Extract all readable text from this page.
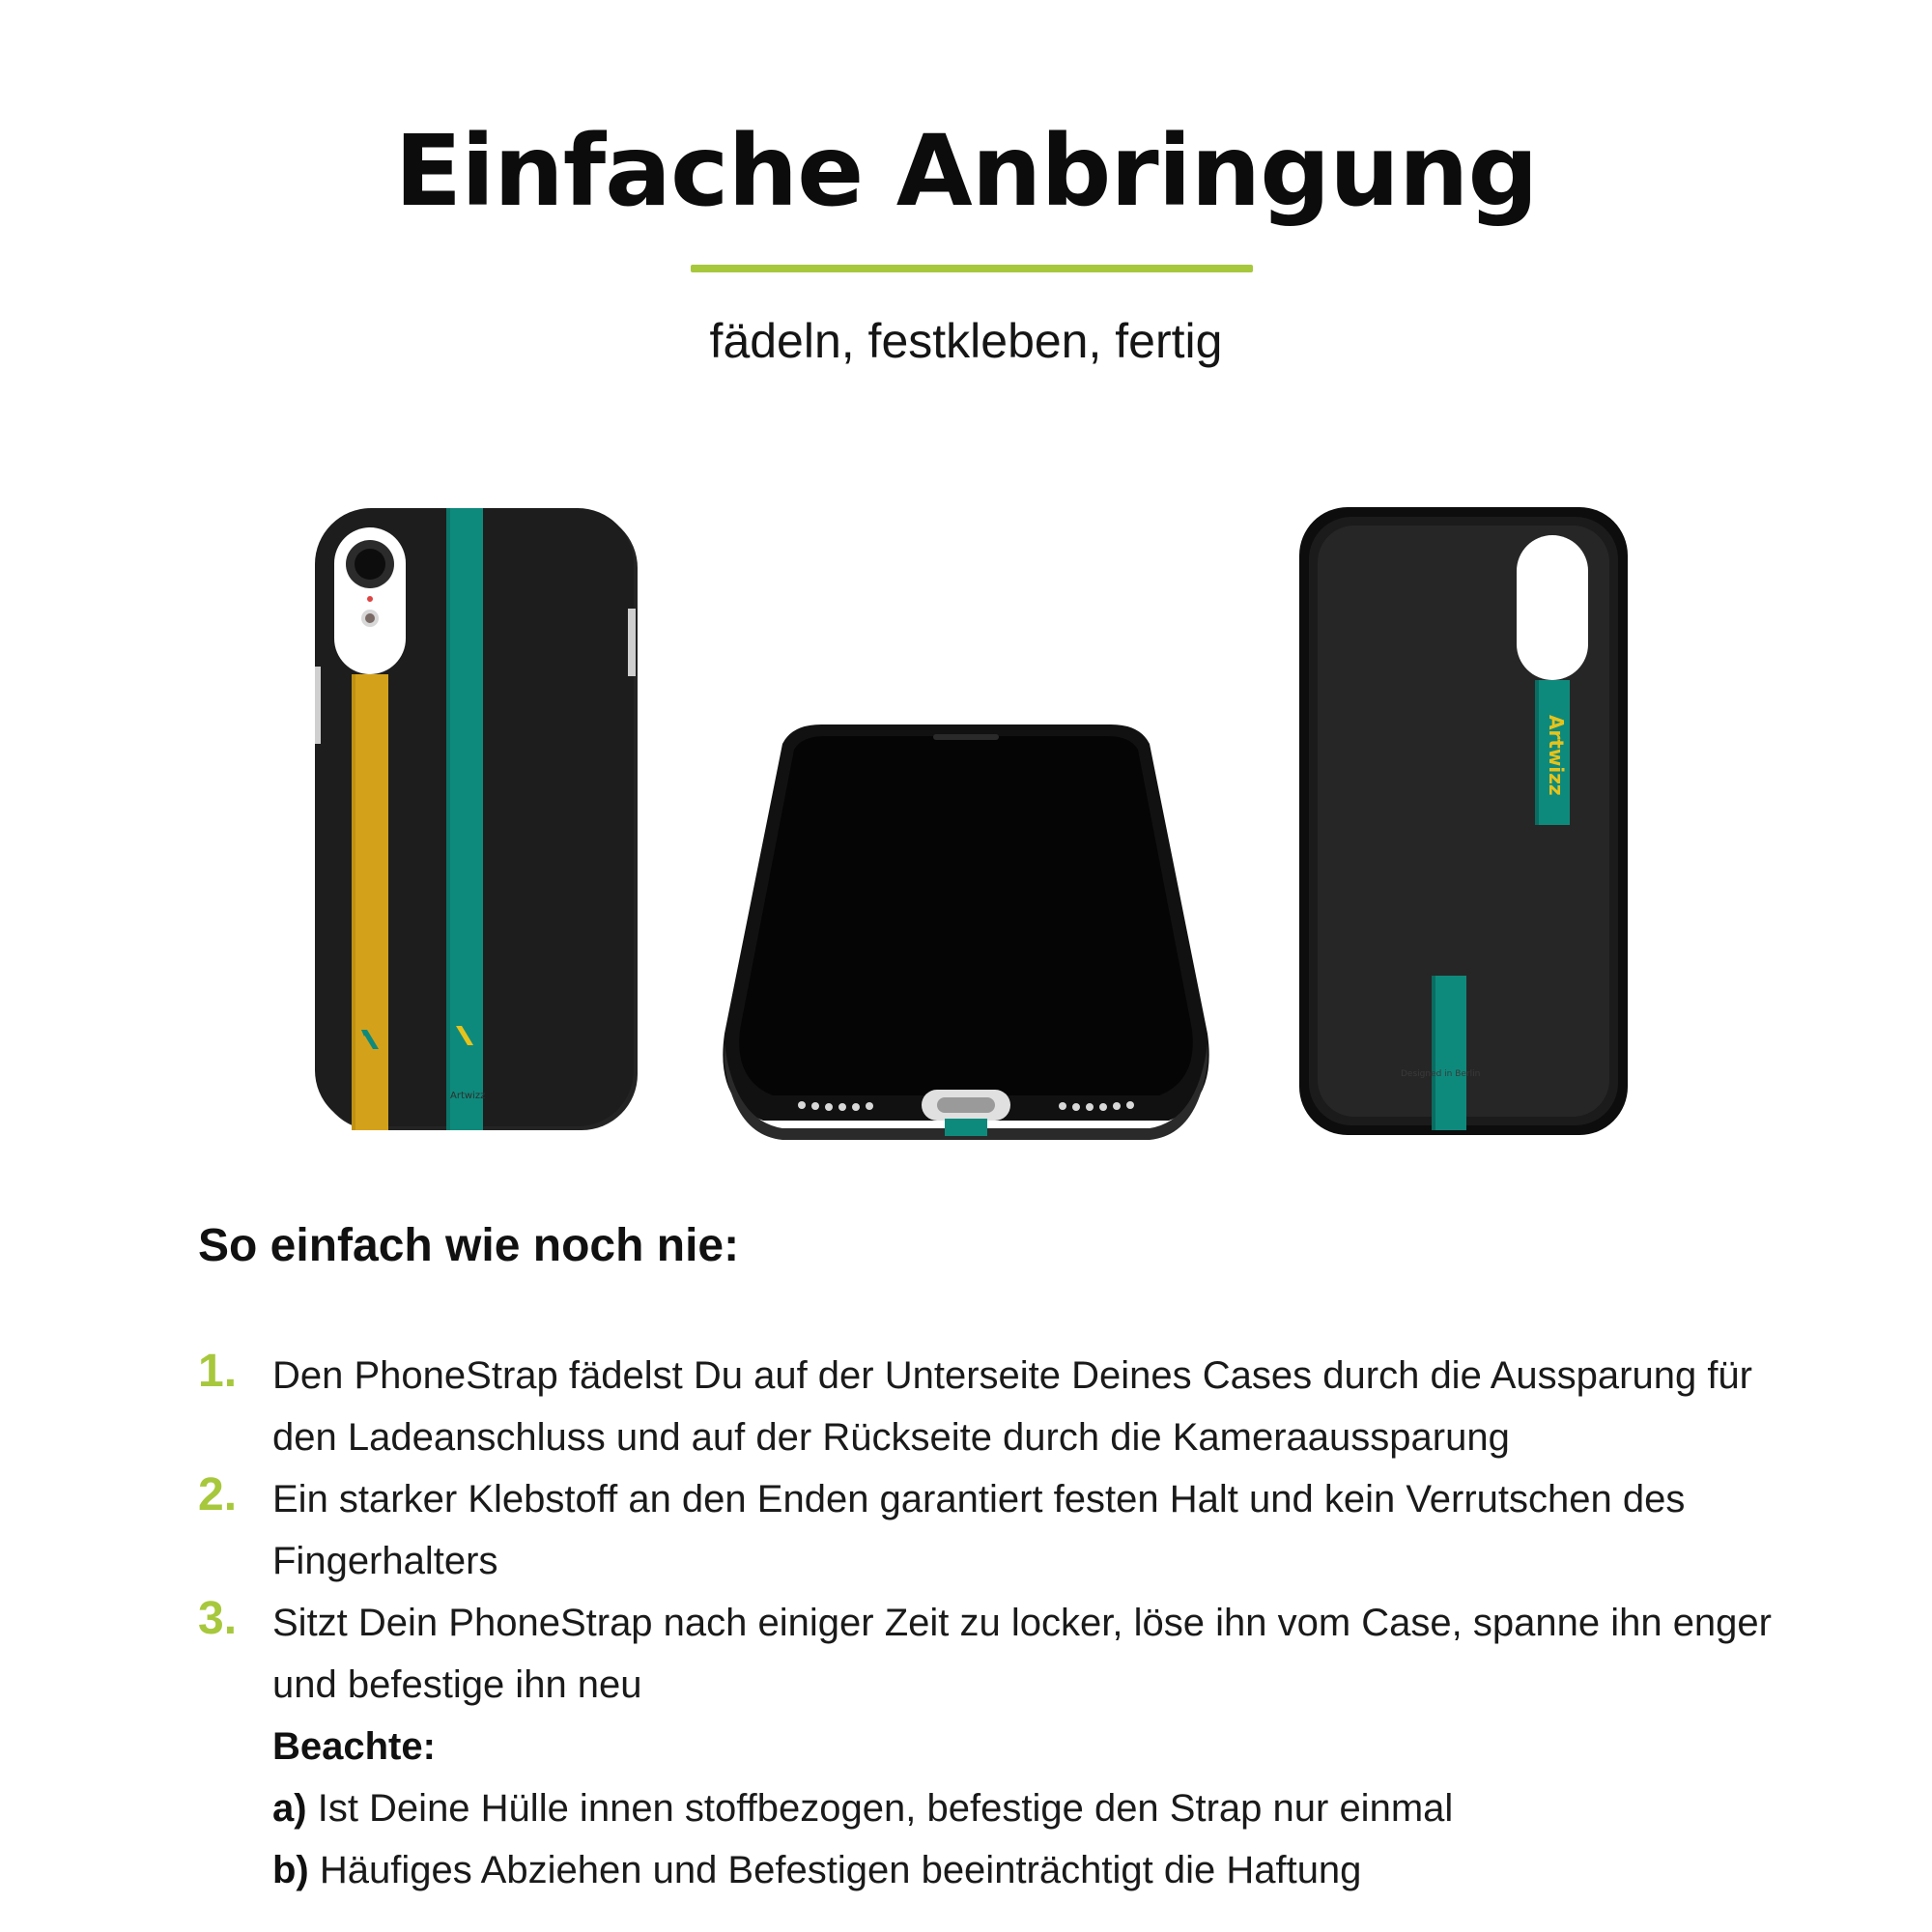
Einfache Anbringung
fädeln, festkleben, fertig
Artwizz
Artwizz
Designed in Berlin
So einfach wie noch nie:
1. Den PhoneStrap fädelst Du auf der Unterseite Deines Cases durch die Aussparung für den Ladeanschluss und auf der Rückseite durch die Kameraaussparung
2. Ein starker Klebstoff an den Enden garantiert festen Halt und kein Verrutschen des Fingerhalters
3. Sitzt Dein PhoneStrap nach einiger Zeit zu locker, löse ihn vom Case, spanne ihn enger und befestige ihn neu
Beachte:
a) Ist Deine Hülle innen stoffbezogen, befestige den Strap nur einmal
b) Häufiges Abziehen und Befestigen beeinträchtigt die Haftung
